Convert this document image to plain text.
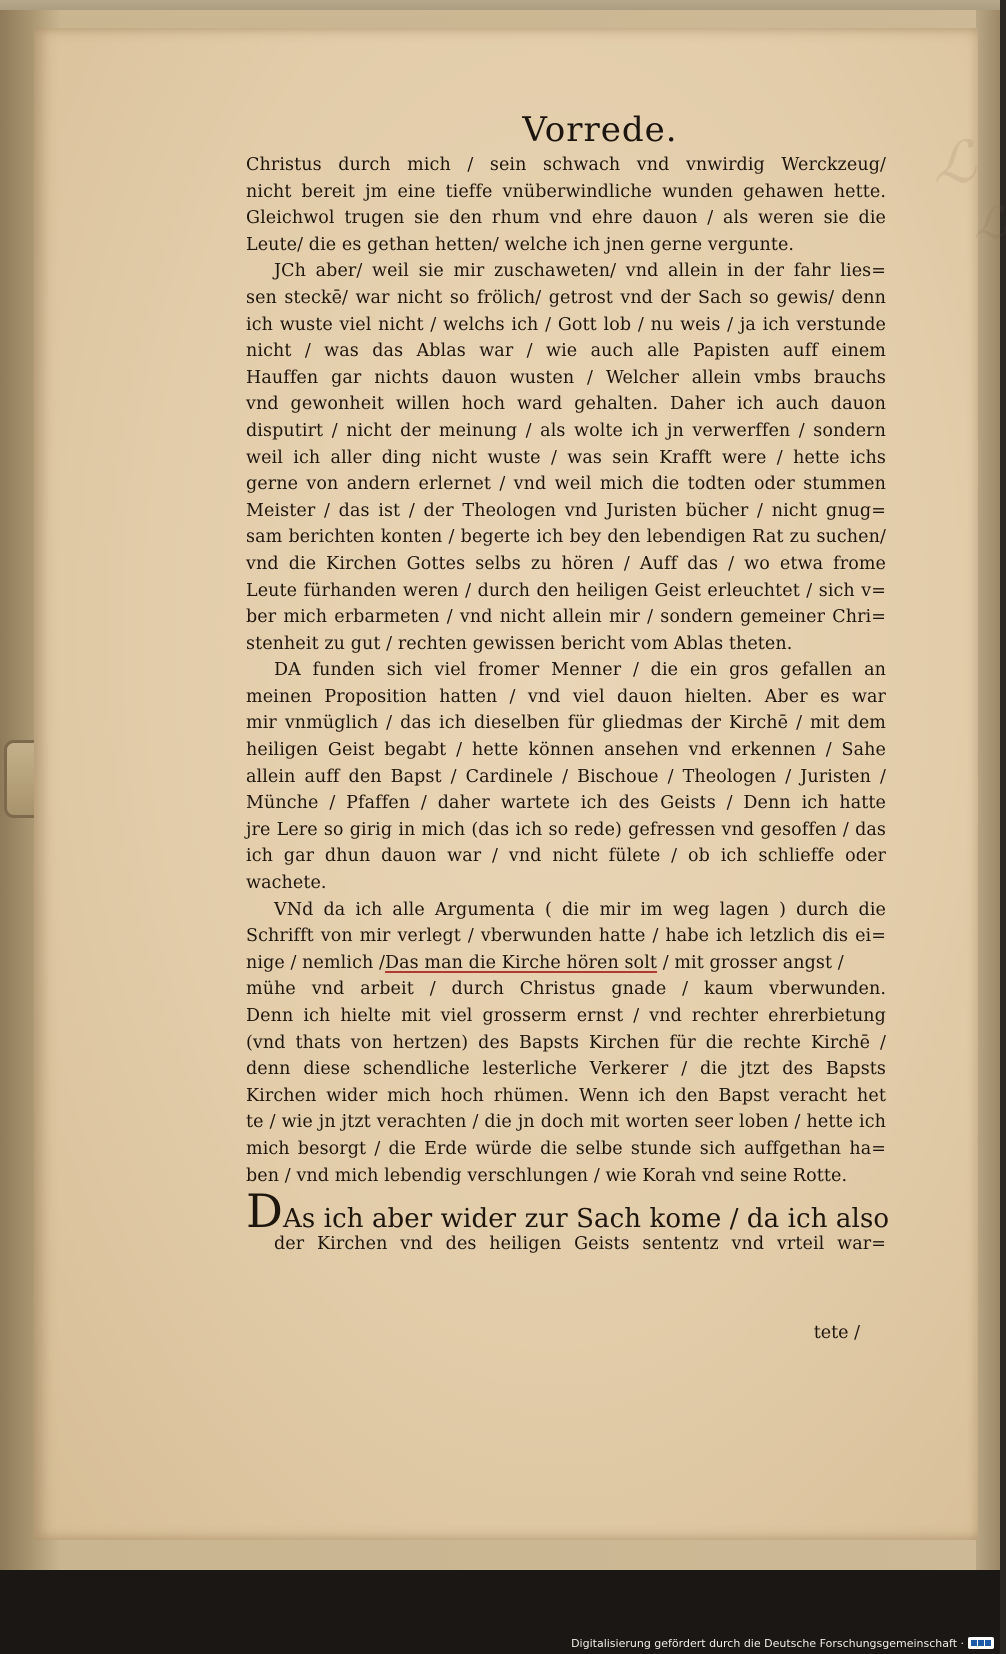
ℒ
Vorrede.
Christus durch mich / sein schwach vnd vnwirdig Werckzeug/
nicht bereit jm eine tieffe vnüberwindliche wunden gehawen hette.
Gleichwol trugen sie den rhum vnd ehre dauon / als weren sie die
Leute/ die es gethan hetten/ welche ich jnen gerne vergunte.
JCh aber/ weil sie mir zuschaweten/ vnd allein in der fahr lies=
sen steckē/ war nicht so frölich/ getrost vnd der Sach so gewis/ denn
ich wuste viel nicht / welchs ich / Gott lob / nu weis / ja ich verstunde
nicht / was das Ablas war / wie auch alle Papisten auff einem
Hauffen gar nichts dauon wusten / Welcher allein vmbs brauchs
vnd gewonheit willen hoch ward gehalten. Daher ich auch dauon
disputirt / nicht der meinung / als wolte ich jn verwerffen / sondern
weil ich aller ding nicht wuste / was sein Krafft were / hette ichs
gerne von andern erlernet / vnd weil mich die todten oder stummen
Meister / das ist / der Theologen vnd Juristen bücher / nicht gnug=
sam berichten konten / begerte ich bey den lebendigen Rat zu suchen/
vnd die Kirchen Gottes selbs zu hören / Auff das / wo etwa frome
Leute fürhanden weren / durch den heiligen Geist erleuchtet / sich v=
ber mich erbarmeten / vnd nicht allein mir / sondern gemeiner Chri=
stenheit zu gut / rechten gewissen bericht vom Ablas theten.
DA funden sich viel fromer Menner / die ein gros gefallen an
meinen Proposition hatten / vnd viel dauon hielten. Aber es war
mir vnmüglich / das ich dieselben für gliedmas der Kirchē / mit dem
heiligen Geist begabt / hette können ansehen vnd erkennen / Sahe
allein auff den Bapst / Cardinele / Bischoue / Theologen / Juristen /
Münche / Pfaffen / daher wartete ich des Geists / Denn ich hatte
jre Lere so girig in mich (das ich so rede) gefressen vnd gesoffen / das
ich gar dhun dauon war / vnd nicht fülete / ob ich schlieffe oder
wachete.
VNd da ich alle Argumenta ( die mir im weg lagen ) durch die
Schrifft von mir verlegt / vberwunden hatte / habe ich letzlich dis ei=
nige / nemlich /Das man die Kirche hören solt / mit grosser angst /
mühe vnd arbeit / durch Christus gnade / kaum vberwunden.
Denn ich hielte mit viel grosserm ernst / vnd rechter ehrerbietung
(vnd thats von hertzen) des Bapsts Kirchen für die rechte Kirchē /
denn diese schendliche lesterliche Verkerer / die jtzt des Bapsts
Kirchen wider mich hoch rhümen. Wenn ich den Bapst veracht het
te / wie jn jtzt verachten / die jn doch mit worten seer loben / hette ich
mich besorgt / die Erde würde die selbe stunde sich auffgethan ha=
ben / vnd mich lebendig verschlungen / wie Korah vnd seine Rotte.
DAs ich aber wider zur Sach kome / da ich also
der Kirchen vnd des heiligen Geists sententz vnd vrteil war=
tete /
Digitalisierung gefördert durch die Deutsche Forschungsgemeinschaft ·
